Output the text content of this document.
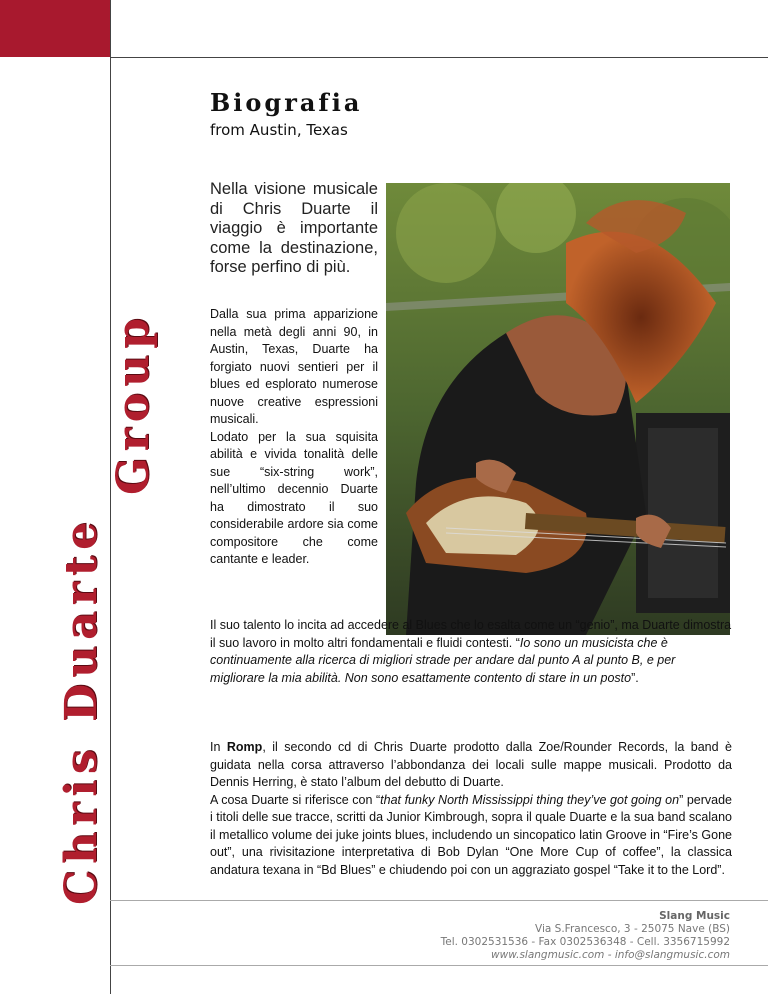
Chris Duarte
Group
Biografia

from Austin, Texas

Nella visione musicale di Chris Duarte il viaggio è importante come la destinazione, forse perfino di più.

Dalla sua prima apparizione nella metà degli anni 90, in Austin, Texas, Duarte ha forgiato nuovi sentieri per il blues ed esplorato numerose nuove creative espressioni musicali.

Lodato per la sua squisita abilità e vivida tonalità delle sue “six-string work”, nell’ultimo decennio Duarte ha dimostrato il suo considerabile ardore sia come compositore che come cantante e leader.

Il suo talento lo incita ad accedere al Blues che lo esalta come un “genio”, ma Duarte dimostra il suo lavoro in molto altri fondamentali e fluidi contesti. “Io sono un musicista che è continuamente alla ricerca di migliori strade per andare dal punto A al punto B, e per migliorare la mia abilità. Non sono esattamente contento di stare in un posto”.

In Romp, il secondo cd di Chris Duarte prodotto dalla Zoe/Rounder Records, la band è guidata nella corsa attraverso l’abbondanza dei locali sulle mappe musicali. Prodotto da Dennis Herring, è stato l’album del debutto di Duarte.

A cosa Duarte si riferisce con “that funky North Mississippi thing they’ve got going on” pervade i titoli delle sue tracce, scritti da Junior Kimbrough, sopra il quale Duarte e la sua band scalano il metallico volume dei juke joints blues, includendo un sincopatico latin Groove in “Fire’s Gone out”, una rivisitazione interpretativa di Bob Dylan “One More Cup of coffee”, la classica andatura texana in “Bd Blues” e chiudendo poi con un aggraziato gospel “Take it to the Lord”.

Slang Music
Via S.Francesco, 3 - 25075 Nave (BS)
Tel. 0302531536 - Fax 0302536348 - Cell. 3356715992
www.slangmusic.com - info@slangmusic.com
